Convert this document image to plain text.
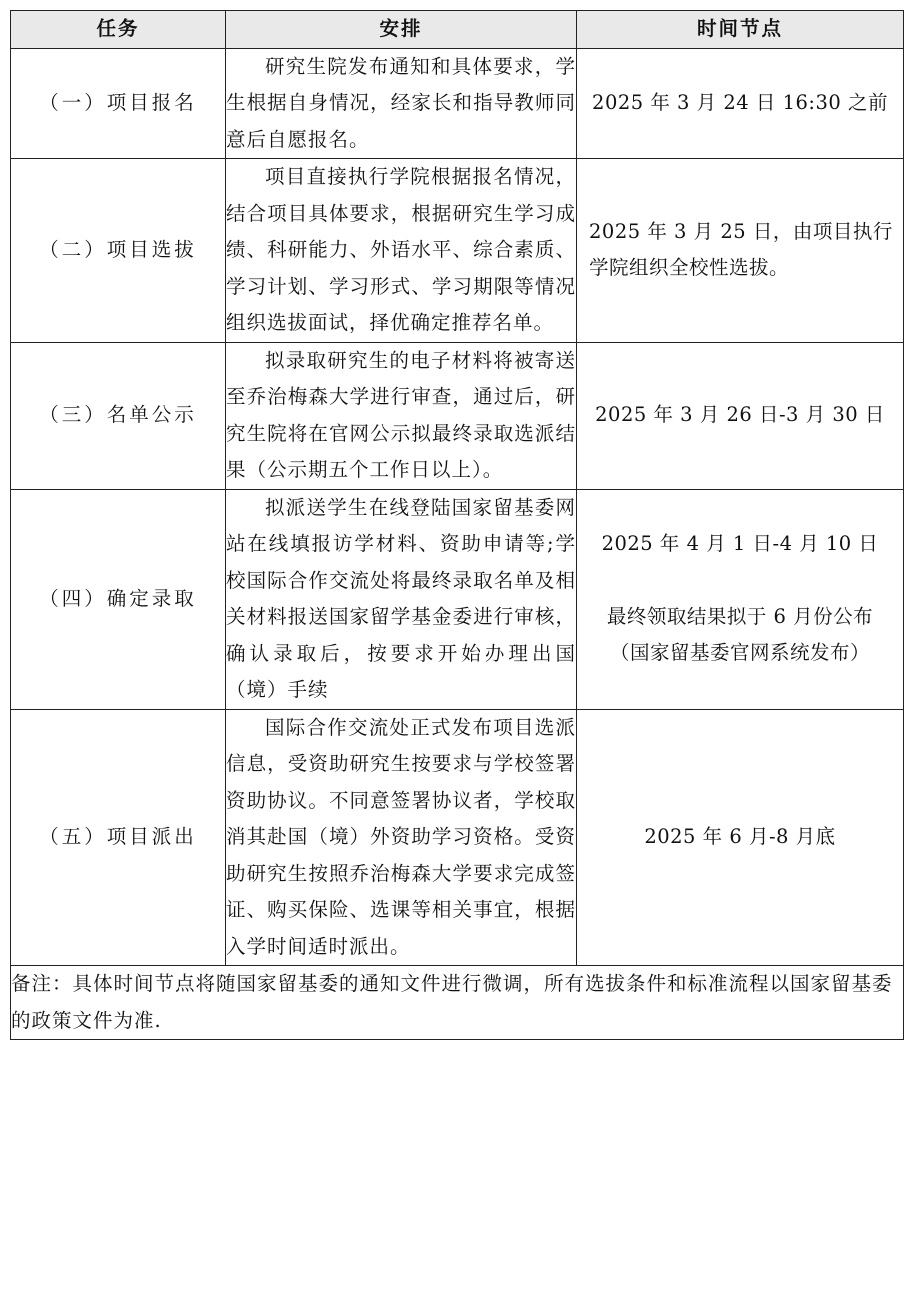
任务	安排	时间节点
（一）项目报名	研究生院发布通知和具体要求，学生根据自身情况，经家长和指导教师同意后自愿报名。	2025 年 3 月 24 日 16:30 之前

（二）项目选拔	项目直接执行学院根据报名情况，结合项目具体要求，根据研究生学习成绩、科研能力、外语水平、综合素质、学习计划、学习形式、学习期限等情况组织选拔面试，择优确定推荐名单。	2025 年 3 月 25 日，由项目执行学院组织全校性选拔。

（三）名单公示	拟录取研究生的电子材料将被寄送至乔治梅森大学进行审查，通过后，研究生院将在官网公示拟最终录取选派结果（公示期五个工作日以上）。	2025 年 3 月 26 日-3 月 30 日

（四）确定录取	拟派送学生在线登陆国家留基委网站在线填报访学材料、资助申请等;学校国际合作交流处将最终录取名单及相关材料报送国家留学基金委进行审核，确认录取后，按要求开始办理出国（境）手续	2025 年 4 月 1 日-4 月 10 日
最终领取结果拟于 6 月份公布
（国家留基委官网系统发布）

（五）项目派出	国际合作交流处正式发布项目选派信息，受资助研究生按要求与学校签署资助协议。不同意签署协议者，学校取消其赴国（境）外资助学习资格。受资助研究生按照乔治梅森大学要求完成签证、购买保险、选课等相关事宜，根据入学时间适时派出。	2025 年 6 月-8 月底

备注：具体时间节点将随国家留基委的通知文件进行微调，所有选拔条件和标准流程以国家留基委的政策文件为准.		
